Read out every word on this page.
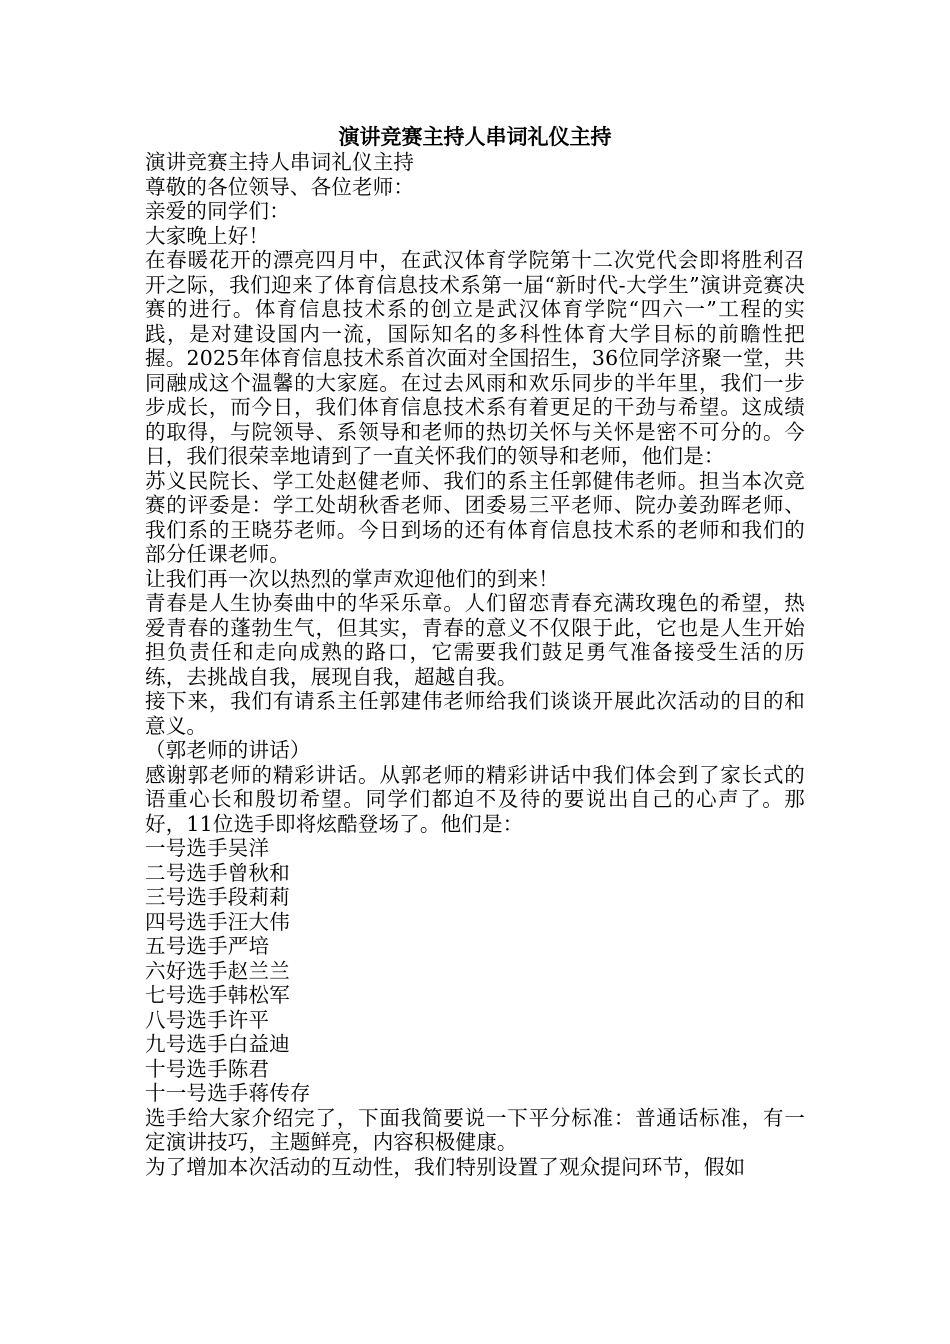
演讲竞赛主持人串词礼仪主持

演讲竞赛主持人串词礼仪主持

尊敬的各位领导、各位老师：

亲爱的同学们：

大家晚上好！

在春暖花开的漂亮四月中，在武汉体育学院第十二次党代会即将胜利召开之际，我们迎来了体育信息技术系第一届“新时代-大学生”演讲竞赛决赛的进行。体育信息技术系的创立是武汉体育学院“四六一”工程的实践，是对建设国内一流，国际知名的多科性体育大学目标的前瞻性把握。2025年体育信息技术系首次面对全国招生，36位同学济聚一堂，共同融成这个温馨的大家庭。在过去风雨和欢乐同步的半年里，我们一步步成长，而今日，我们体育信息技术系有着更足的干劲与希望。这成绩的取得，与院领导、系领导和老师的热切关怀与关怀是密不可分的。今日，我们很荣幸地请到了一直关怀我们的领导和老师，他们是：

苏义民院长、学工处赵健老师、我们的系主任郭健伟老师。担当本次竞赛的评委是：学工处胡秋香老师、团委易三平老师、院办姜劲晖老师、我们系的王晓芬老师。今日到场的还有体育信息技术系的老师和我们的部分任课老师。

让我们再一次以热烈的掌声欢迎他们的到来！

青春是人生协奏曲中的华采乐章。人们留恋青春充满玫瑰色的希望，热爱青春的蓬勃生气，但其实，青春的意义不仅限于此，它也是人生开始担负责任和走向成熟的路口，它需要我们鼓足勇气准备接受生活的历练，去挑战自我，展现自我，超越自我。

接下来，我们有请系主任郭建伟老师给我们谈谈开展此次活动的目的和意义。

（郭老师的讲话）

感谢郭老师的精彩讲话。从郭老师的精彩讲话中我们体会到了家长式的语重心长和殷切希望。同学们都迫不及待的要说出自己的心声了。那好，11位选手即将炫酷登场了。他们是：

一号选手吴洋

二号选手曾秋和

三号选手段莉莉

四号选手汪大伟

五号选手严培

六好选手赵兰兰

七号选手韩松军

八号选手许平

九号选手白益迪

十号选手陈君

十一号选手蒋传存

选手给大家介绍完了，下面我简要说一下平分标准：普通话标准，有一定演讲技巧，主题鲜亮，内容积极健康。

为了增加本次活动的互动性，我们特别设置了观众提问环节，假如
